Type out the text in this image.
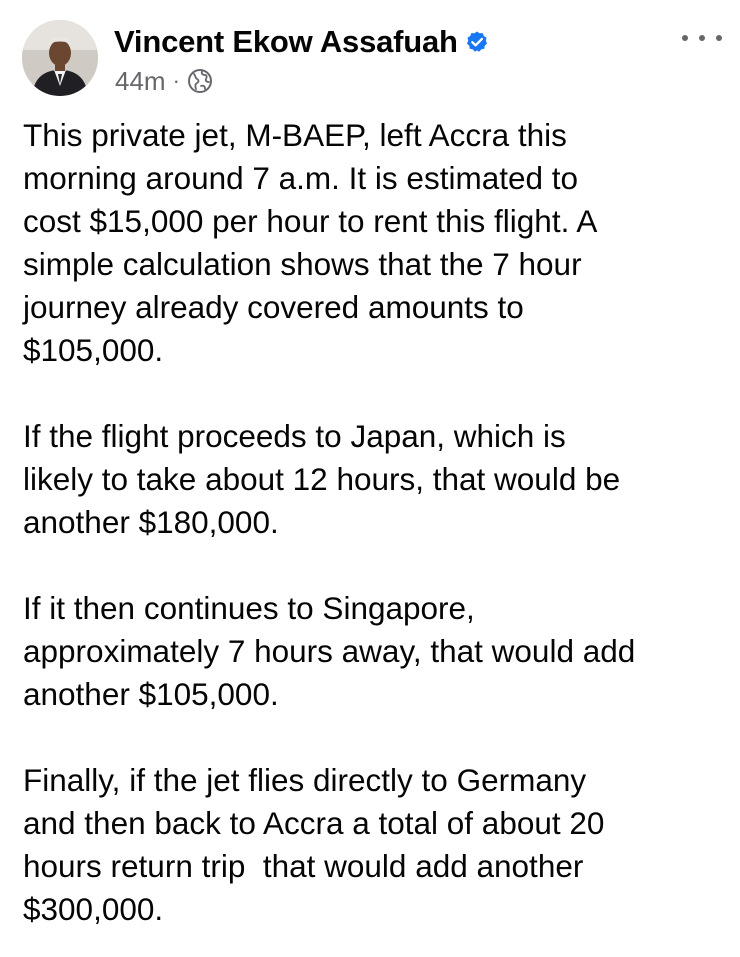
Vincent Ekow Assafuah
44m ·

This private jet, M-BAEP, left Accra this
morning around 7 a.m. It is estimated to
cost $15,000 per hour to rent this flight. A
simple calculation shows that the 7 hour
journey already covered amounts to
$105,000.

If the flight proceeds to Japan, which is
likely to take about 12 hours, that would be
another $180,000.

If it then continues to Singapore,
approximately 7 hours away, that would add
another $105,000.

Finally, if the jet flies directly to Germany
and then back to Accra a total of about 20
hours return trip  that would add another
$300,000.
